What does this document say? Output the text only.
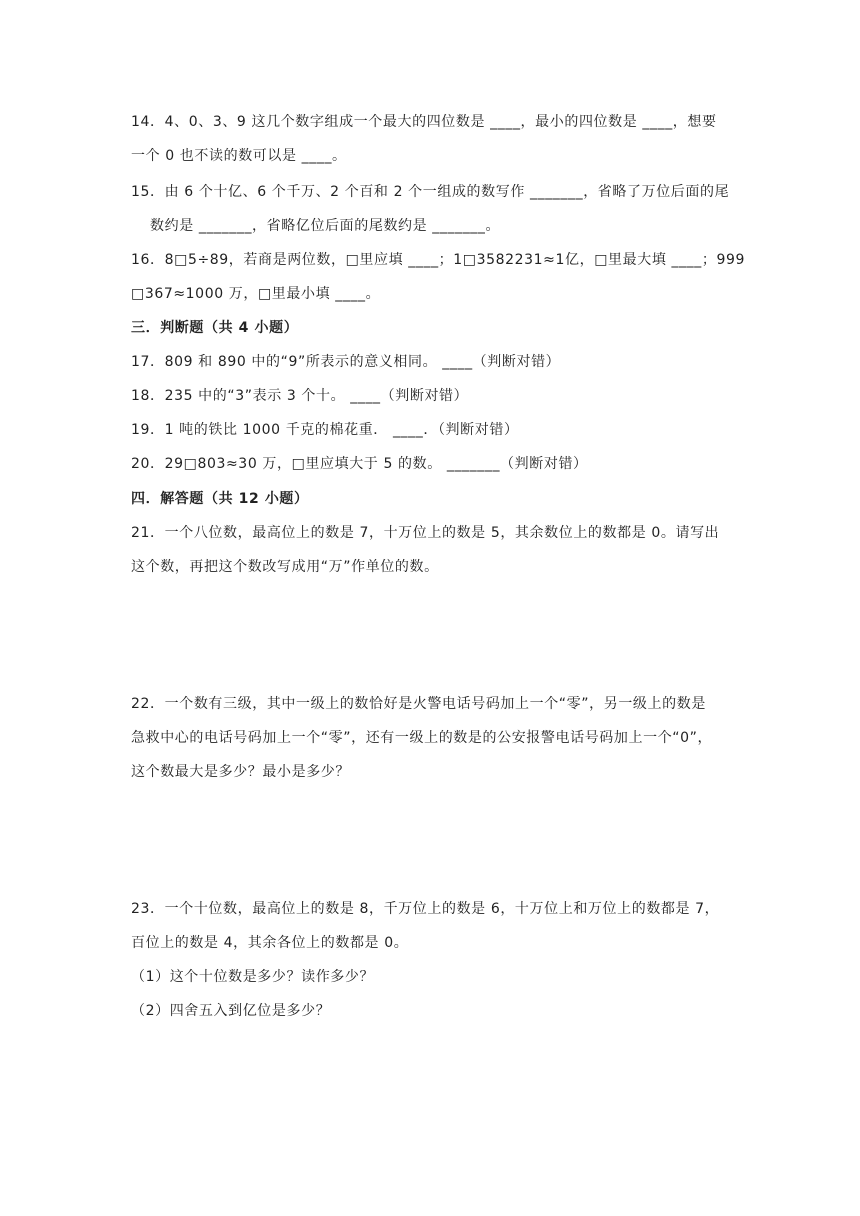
14．4、0、3、9 这几个数字组成一个最大的四位数是 ____，最小的四位数是 ____，想要
一个 0 也不读的数可以是 ____。
15．由 6 个十亿、6 个千万、2 个百和 2 个一组成的数写作 _______，省略了万位后面的尾
数约是 _______，省略亿位后面的尾数约是 _______。
16．8□5÷89，若商是两位数，□里应填 ____；1□3582231≈1亿，□里最大填 ____；999
□367≈1000 万，□里最小填 ____。
三．判断题（共 4 小题）
17．809 和 890 中的“9”所表示的意义相同。 ____（判断对错）
18．235 中的“3”表示 3 个十。 ____（判断对错）
19．1 吨的铁比 1000 千克的棉花重． ____．（判断对错）
20．29□803≈30 万，□里应填大于 5 的数。 _______（判断对错）
四．解答题（共 12 小题）
21．一个八位数，最高位上的数是 7，十万位上的数是 5，其余数位上的数都是 0。请写出
这个数，再把这个数改写成用“万”作单位的数。
22．一个数有三级，其中一级上的数恰好是火警电话号码加上一个“零”，另一级上的数是
急救中心的电话号码加上一个“零”，还有一级上的数是的公安报警电话号码加上一个“0”，
这个数最大是多少？最小是多少？
23．一个十位数，最高位上的数是 8，千万位上的数是 6，十万位上和万位上的数都是 7，
百位上的数是 4，其余各位上的数都是 0。
（1）这个十位数是多少？读作多少？
（2）四舍五入到亿位是多少？
